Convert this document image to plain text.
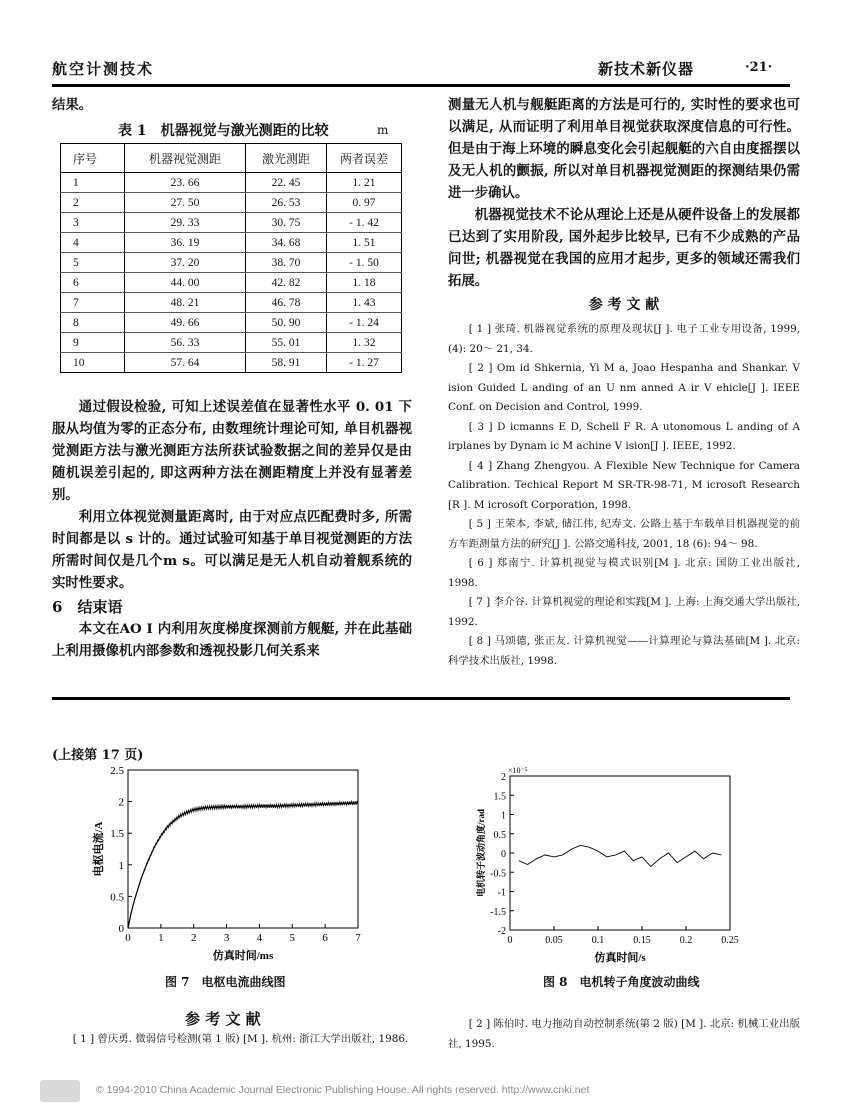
航空计测技术	新技术新仪器	·21·

结果。

表 1　机器视觉与激光测距的比较	m
序号	机器视觉测距	激光测距	两者误差
1	23. 66	22. 45	1. 21
2	27. 50	26. 53	0. 97
3	29. 33	30. 75	- 1. 42
4	36. 19	34. 68	1. 51
5	37. 20	38. 70	- 1. 50
6	44. 00	42. 82	1. 18
7	48. 21	46. 78	1. 43
8	49. 66	50. 90	- 1. 24
9	56. 33	55. 01	1. 32
10	57. 64	58. 91	- 1. 27

通过假设检验, 可知上述误差值在显著性水平 0. 01 下服从均值为零的正态分布, 由数理统计理论可知, 单目机器视觉测距方法与激光测距方法所获试验数据之间的差异仅是由随机误差引起的, 即这两种方法在测距精度上并没有显著差别。

利用立体视觉测量距离时, 由于对应点匹配费时多, 所需时间都是以 s 计的。通过试验可知基于单目视觉测距的方法所需时间仅是几个m s。可以满足是无人机自动着舰系统的实时性要求。

6　 结束语

本文在AO I 内利用灰度梯度探测前方舰艇, 并在此基础上利用摄像机内部参数和透视投影几何关系来

测量无人机与舰艇距离的方法是可行的, 实时性的要求也可以满足, 从而证明了利用单目视觉获取深度信息的可行性。但是由于海上环境的瞬息变化会引起舰艇的六自由度摇摆以及无人机的颤振, 所以对单目机器视觉测距的探测结果仍需进一步确认。

机器视觉技术不论从理论上还是从硬件设备上的发展都已达到了实用阶段, 国外起步比较早, 已有不少成熟的产品问世; 机器视觉在我国的应用才起步, 更多的领域还需我们拓展。

参 考 文 献

[ 1 ] 张琦. 机器视觉系统的原理及现状[J ]. 电子工业专用设备, 1999, (4): 20～ 21, 34.

[ 2 ] Om id Shkernia, Yi M a, Joao Hespanha and Shankar. V ision Guided L anding of an U nm anned A ir V ehicle[J ]. IEEE Conf. on Decision and Control, 1999.

[ 3 ] D icmanns E D, Schell F R. A utonomous L anding of A irplanes by Dynam ic M achine V ision[J ]. IEEE, 1992.

[ 4 ] Zhang Zhengyou. A Flexible New Technique for Camera Calibration. Techical Report M SR-TR-98-71, M icrosoft Research [R ]. M icrosoft Corporation, 1998.

[ 5 ] 王荣本, 李斌, 储江伟, 纪寿文. 公路上基于车载单目机器视觉的前方车距测量方法的研究[J ]. 公路交通科技, 2001, 18 (6): 94～ 98.

[ 6 ] 郑南宁. 计算机视觉与模式识别[M ]. 北京: 国防工业出版社, 1998.

[ 7 ] 李介谷. 计算机视觉的理论和实践[M ]. 上海: 上海交通大学出版社, 1992.

[ 8 ] 马颂德, 张正友. 计算机视觉——计算理论与算法基础[M ]. 北京: 科学技术出版社, 1998.

(上接第 17 页)
0 1 2 3 4 5 6 7
0
0.5
1
1.5
2
2.5
仿真时间/ms
电枢电流/A
图 7　电枢电流曲线图
0	0.05	0.1	0.15	0.2	0.25
2
1.5
1
0.5
0
-0.5
-1
-1.5
-2
仿真时间/s
电机转子波动角度/rad
×10⁻⁵
图 8　电机转子角度波动曲线
参 考 文 献

[ 1 ] 曾庆勇. 微弱信号检测(第 1 版) [M ]. 杭州: 浙江大学出版社, 1986.

[ 2 ] 陈伯时. 电力拖动自动控制系统(第 2 版) [M ]. 北京: 机械工业出版社, 1995.

© 1994-2010 China Academic Journal Electronic Publishing House. All rights reserved. http://www.cnki.net
